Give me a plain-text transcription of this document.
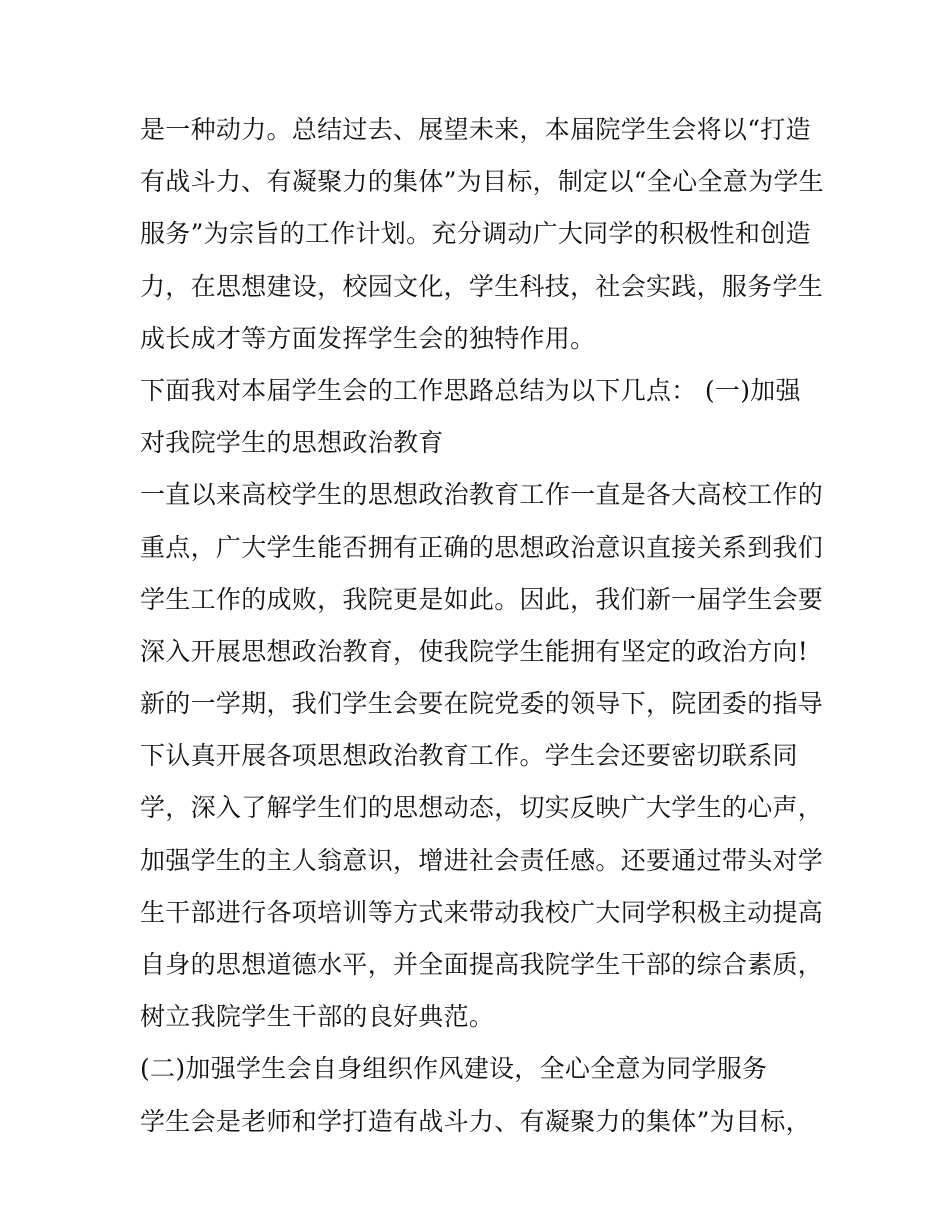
是一种动力。总结过去、展望未来，本届院学生会将以“打造
有战斗力、有凝聚力的集体”为目标，制定以“全心全意为学生
服务”为宗旨的工作计划。充分调动广大同学的积极性和创造
力，在思想建设，校园文化，学生科技，社会实践，服务学生
成长成才等方面发挥学生会的独特作用。
下面我对本届学生会的工作思路总结为以下几点： (一)加强
对我院学生的思想政治教育
一直以来高校学生的思想政治教育工作一直是各大高校工作的
重点，广大学生能否拥有正确的思想政治意识直接关系到我们
学生工作的成败，我院更是如此。因此，我们新一届学生会要
深入开展思想政治教育，使我院学生能拥有坚定的政治方向!
新的一学期，我们学生会要在院党委的领导下，院团委的指导
下认真开展各项思想政治教育工作。学生会还要密切联系同
学，深入了解学生们的思想动态，切实反映广大学生的心声，
加强学生的主人翁意识，增进社会责任感。还要通过带头对学
生干部进行各项培训等方式来带动我校广大同学积极主动提高
自身的思想道德水平，并全面提高我院学生干部的综合素质，
树立我院学生干部的良好典范。
(二)加强学生会自身组织作风建设，全心全意为同学服务
学生会是老师和学打造有战斗力、有凝聚力的集体”为目标，
